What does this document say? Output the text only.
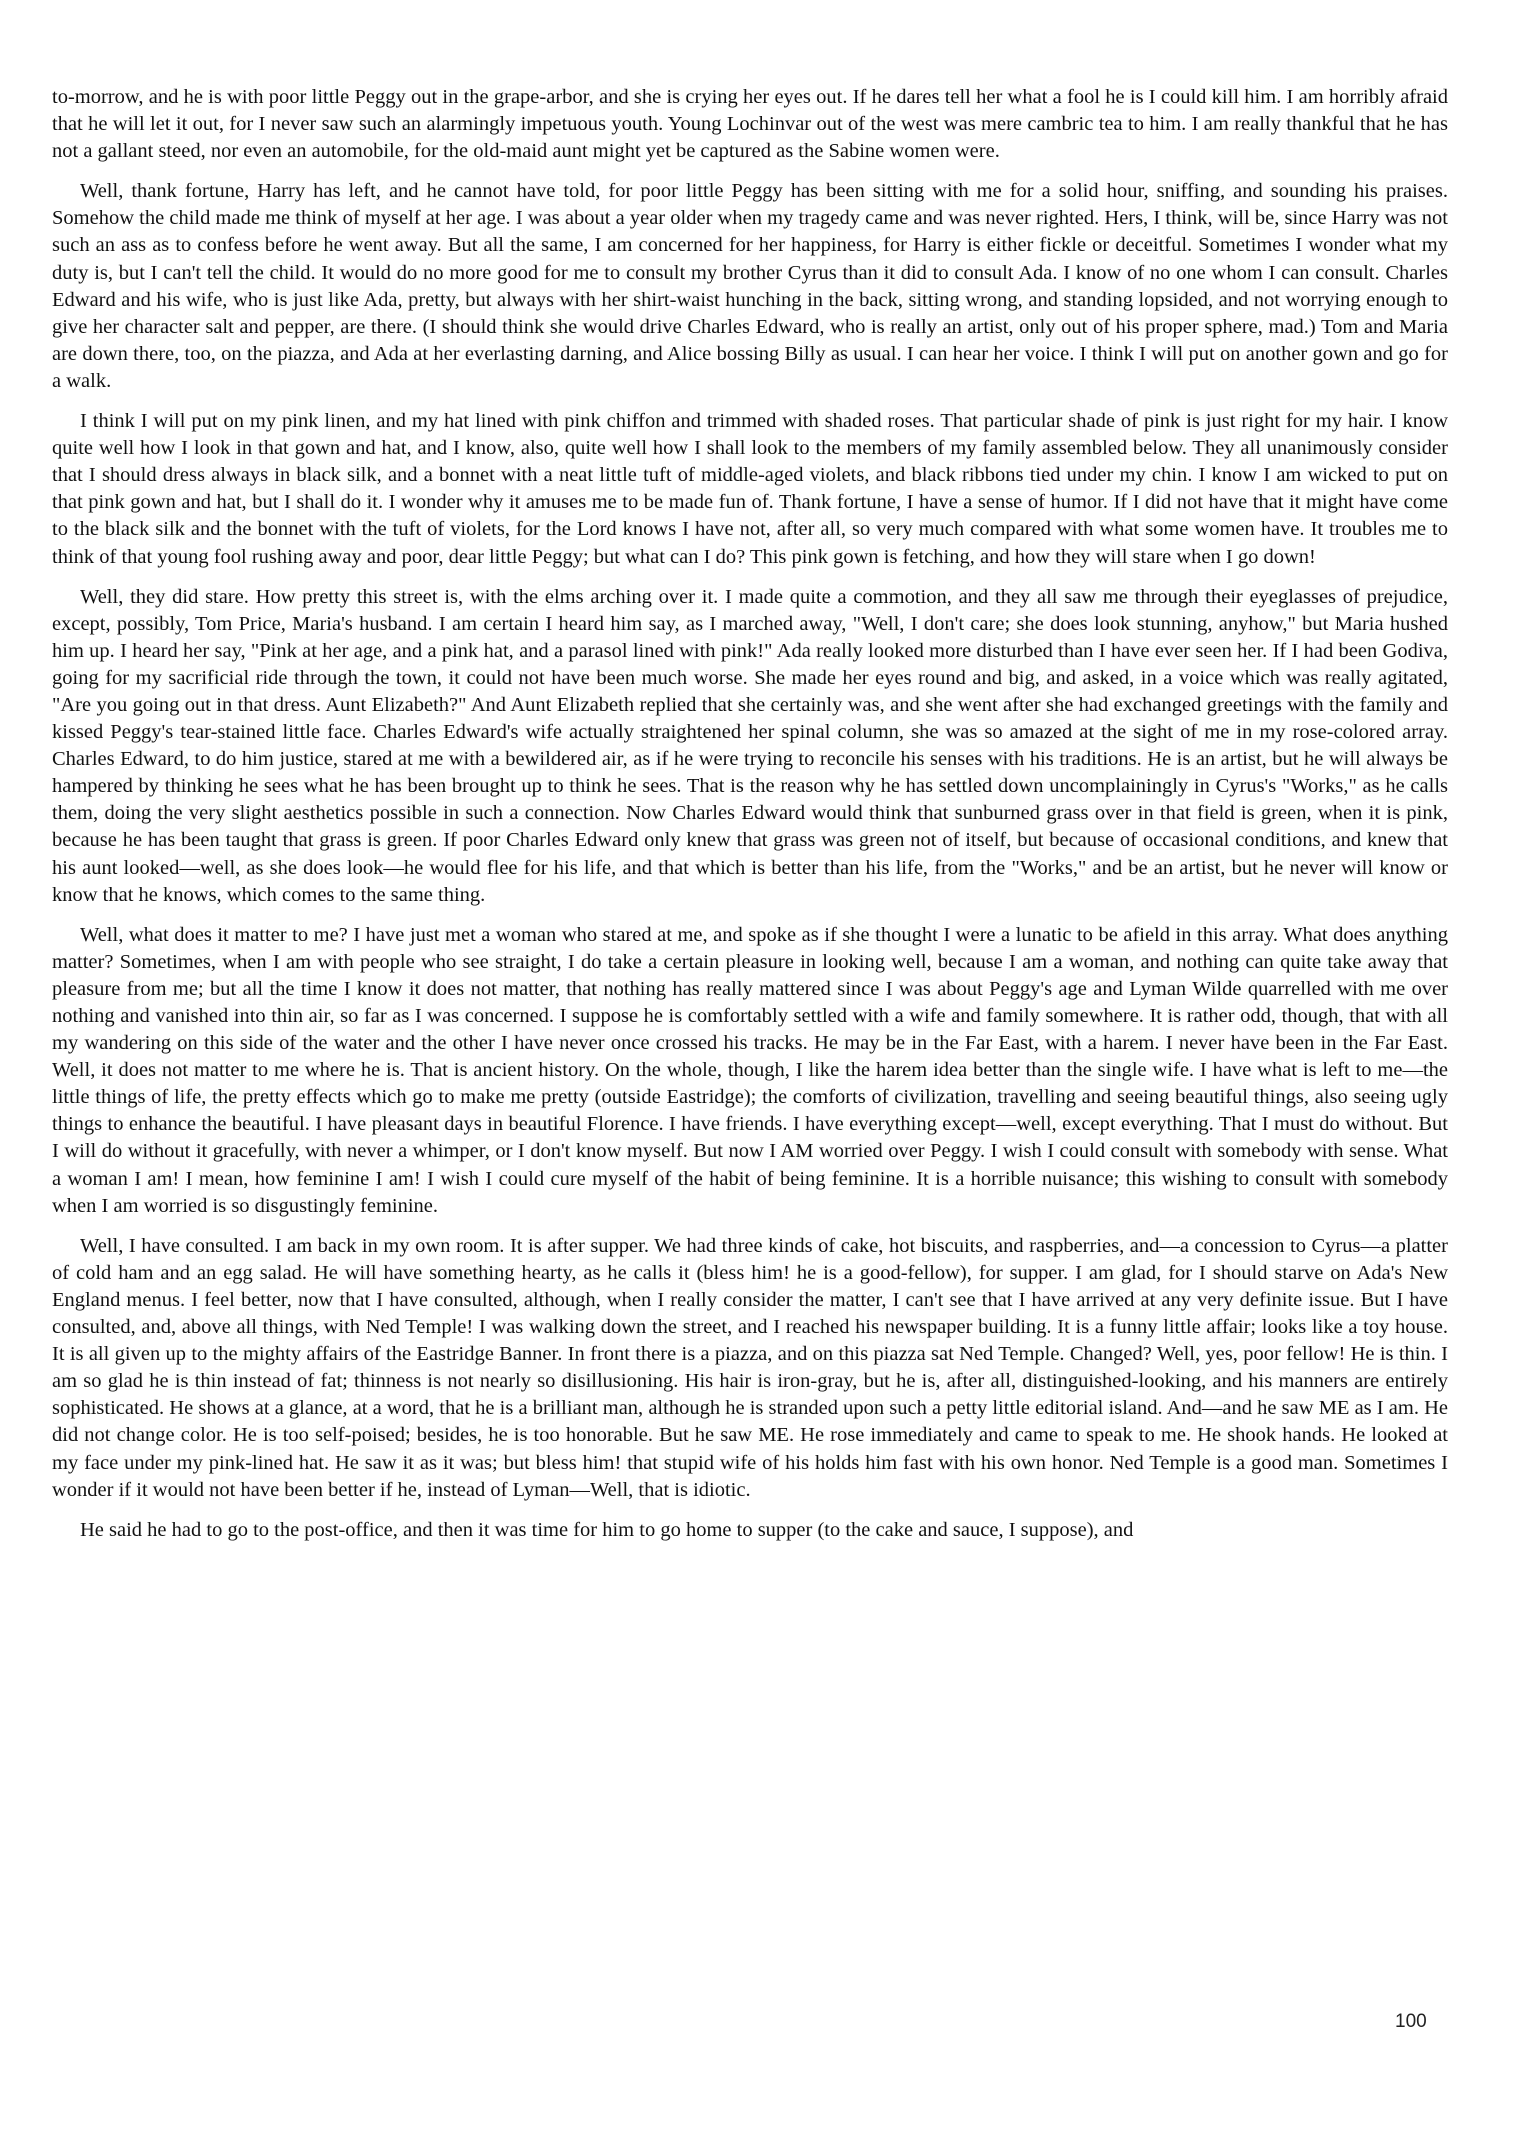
to-morrow, and he is with poor little Peggy out in the grape-arbor, and she is crying her eyes out. If he dares tell her what a fool he is I could kill him. I am horribly afraid that he will let it out, for I never saw such an alarmingly impetuous youth. Young Lochinvar out of the west was mere cambric tea to him. I am really thankful that he has not a gallant steed, nor even an automobile, for the old-maid aunt might yet be captured as the Sabine women were.

Well, thank fortune, Harry has left, and he cannot have told, for poor little Peggy has been sitting with me for a solid hour, sniffing, and sounding his praises. Somehow the child made me think of myself at her age. I was about a year older when my tragedy came and was never righted. Hers, I think, will be, since Harry was not such an ass as to confess before he went away. But all the same, I am concerned for her happiness, for Harry is either fickle or deceitful. Sometimes I wonder what my duty is, but I can't tell the child. It would do no more good for me to consult my brother Cyrus than it did to consult Ada. I know of no one whom I can consult. Charles Edward and his wife, who is just like Ada, pretty, but always with her shirt-waist hunching in the back, sitting wrong, and standing lopsided, and not worrying enough to give her character salt and pepper, are there. (I should think she would drive Charles Edward, who is really an artist, only out of his proper sphere, mad.) Tom and Maria are down there, too, on the piazza, and Ada at her everlasting darning, and Alice bossing Billy as usual. I can hear her voice. I think I will put on another gown and go for a walk.

I think I will put on my pink linen, and my hat lined with pink chiffon and trimmed with shaded roses. That particular shade of pink is just right for my hair. I know quite well how I look in that gown and hat, and I know, also, quite well how I shall look to the members of my family assembled below. They all unanimously consider that I should dress always in black silk, and a bonnet with a neat little tuft of middle-aged violets, and black ribbons tied under my chin. I know I am wicked to put on that pink gown and hat, but I shall do it. I wonder why it amuses me to be made fun of. Thank fortune, I have a sense of humor. If I did not have that it might have come to the black silk and the bonnet with the tuft of violets, for the Lord knows I have not, after all, so very much compared with what some women have. It troubles me to think of that young fool rushing away and poor, dear little Peggy; but what can I do? This pink gown is fetching, and how they will stare when I go down!

Well, they did stare. How pretty this street is, with the elms arching over it. I made quite a commotion, and they all saw me through their eyeglasses of prejudice, except, possibly, Tom Price, Maria's husband. I am certain I heard him say, as I marched away, "Well, I don't care; she does look stunning, anyhow," but Maria hushed him up. I heard her say, "Pink at her age, and a pink hat, and a parasol lined with pink!" Ada really looked more disturbed than I have ever seen her. If I had been Godiva, going for my sacrificial ride through the town, it could not have been much worse. She made her eyes round and big, and asked, in a voice which was really agitated, "Are you going out in that dress. Aunt Elizabeth?" And Aunt Elizabeth replied that she certainly was, and she went after she had exchanged greetings with the family and kissed Peggy's tear-stained little face. Charles Edward's wife actually straightened her spinal column, she was so amazed at the sight of me in my rose-colored array. Charles Edward, to do him justice, stared at me with a bewildered air, as if he were trying to reconcile his senses with his traditions. He is an artist, but he will always be hampered by thinking he sees what he has been brought up to think he sees. That is the reason why he has settled down uncomplainingly in Cyrus's "Works," as he calls them, doing the very slight aesthetics possible in such a connection. Now Charles Edward would think that sunburned grass over in that field is green, when it is pink, because he has been taught that grass is green. If poor Charles Edward only knew that grass was green not of itself, but because of occasional conditions, and knew that his aunt looked—well, as she does look—he would flee for his life, and that which is better than his life, from the "Works," and be an artist, but he never will know or know that he knows, which comes to the same thing.

Well, what does it matter to me? I have just met a woman who stared at me, and spoke as if she thought I were a lunatic to be afield in this array. What does anything matter? Sometimes, when I am with people who see straight, I do take a certain pleasure in looking well, because I am a woman, and nothing can quite take away that pleasure from me; but all the time I know it does not matter, that nothing has really mattered since I was about Peggy's age and Lyman Wilde quarrelled with me over nothing and vanished into thin air, so far as I was concerned. I suppose he is comfortably settled with a wife and family somewhere. It is rather odd, though, that with all my wandering on this side of the water and the other I have never once crossed his tracks. He may be in the Far East, with a harem. I never have been in the Far East. Well, it does not matter to me where he is. That is ancient history. On the whole, though, I like the harem idea better than the single wife. I have what is left to me—the little things of life, the pretty effects which go to make me pretty (outside Eastridge); the comforts of civilization, travelling and seeing beautiful things, also seeing ugly things to enhance the beautiful. I have pleasant days in beautiful Florence. I have friends. I have everything except—well, except everything. That I must do without. But I will do without it gracefully, with never a whimper, or I don't know myself. But now I AM worried over Peggy. I wish I could consult with somebody with sense. What a woman I am! I mean, how feminine I am! I wish I could cure myself of the habit of being feminine. It is a horrible nuisance; this wishing to consult with somebody when I am worried is so disgustingly feminine.

Well, I have consulted. I am back in my own room. It is after supper. We had three kinds of cake, hot biscuits, and raspberries, and—a concession to Cyrus—a platter of cold ham and an egg salad. He will have something hearty, as he calls it (bless him! he is a good-fellow), for supper. I am glad, for I should starve on Ada's New England menus. I feel better, now that I have consulted, although, when I really consider the matter, I can't see that I have arrived at any very definite issue. But I have consulted, and, above all things, with Ned Temple! I was walking down the street, and I reached his newspaper building. It is a funny little affair; looks like a toy house. It is all given up to the mighty affairs of the Eastridge Banner. In front there is a piazza, and on this piazza sat Ned Temple. Changed? Well, yes, poor fellow! He is thin. I am so glad he is thin instead of fat; thinness is not nearly so disillusioning. His hair is iron-gray, but he is, after all, distinguished-looking, and his manners are entirely sophisticated. He shows at a glance, at a word, that he is a brilliant man, although he is stranded upon such a petty little editorial island. And—and he saw ME as I am. He did not change color. He is too self-poised; besides, he is too honorable. But he saw ME. He rose immediately and came to speak to me. He shook hands. He looked at my face under my pink-lined hat. He saw it as it was; but bless him! that stupid wife of his holds him fast with his own honor. Ned Temple is a good man. Sometimes I wonder if it would not have been better if he, instead of Lyman—Well, that is idiotic.

He said he had to go to the post-office, and then it was time for him to go home to supper (to the cake and sauce, I suppose), and

100
